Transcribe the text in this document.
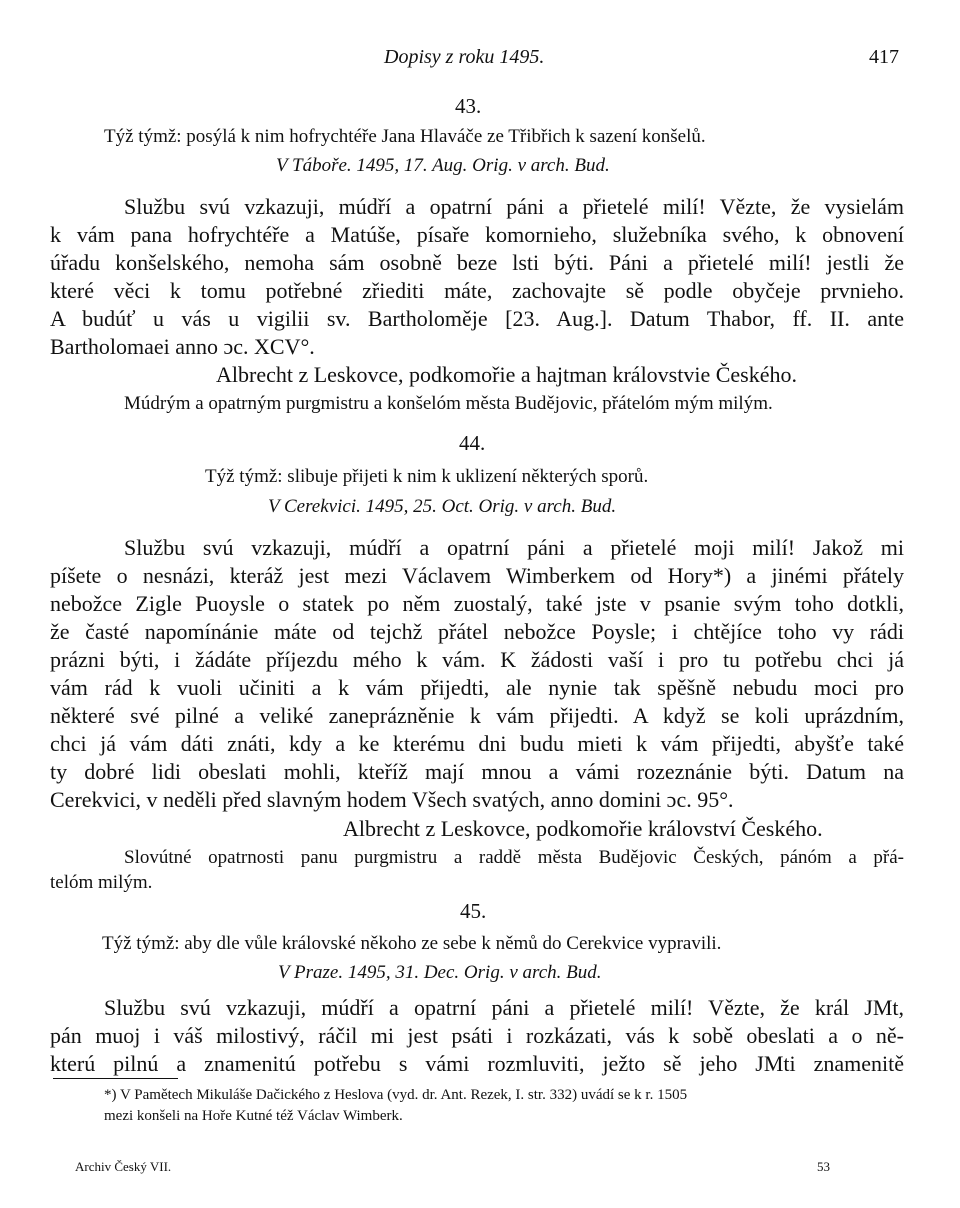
Dopisy z roku 1495.	417
43.
Týž týmž: posýlá k nim hofrychtéře Jana Hlaváče ze Třibřich k sazení konšelů.
V Táboře. 1495, 17. Aug. Orig. v arch. Bud.
Službu svú vzkazuji, múdří a opatrní páni a přietelé milí! Vězte, že vysielám
k vám pana hofrychtéře a Matúše, písaře komornieho, služebníka svého, k obnovení
úřadu konšelského, nemoha sám osobně beze lsti býti. Páni a přietelé milí! jestli že
které věci k tomu potřebné zřiediti máte, zachovajte sě podle obyčeje prvnieho.
A budúť u vás u vigilii sv. Bartholoměje [23. Aug.]. Datum Thabor, ff. II. ante
Bartholomaei anno ɔc. XCV°.
Albrecht z Leskovce, podkomořie a hajtman královstvie Českého.
Múdrým a opatrným purgmistru a konšelóm města Budějovic, přátelóm mým milým.
44.
Týž týmž: slibuje přijeti k nim k uklizení některých sporů.
V Cerekvici. 1495, 25. Oct. Orig. v arch. Bud.
Službu svú vzkazuji, múdří a opatrní páni a přietelé moji milí! Jakož mi
píšete o nesnázi, kteráž jest mezi Václavem Wimberkem od Hory*) a jinémi přátely
nebožce Zigle Puoysle o statek po něm zuostalý, také jste v psanie svým toho dotkli,
že časté napomínánie máte od tejchž přátel nebožce Poysle; i chtějíce toho vy rádi
prázni býti, i žádáte příjezdu mého k vám. K žádosti vaší i pro tu potřebu chci já
vám rád k vuoli učiniti a k vám přijedti, ale nynie tak spěšně nebudu moci pro
některé své pilné a veliké zaneprázněnie k vám přijedti. A když se koli uprázdním,
chci já vám dáti znáti, kdy a ke kterému dni budu mieti k vám přijedti, abyšťe také
ty dobré lidi obeslati mohli, kteříž mají mnou a vámi rozeznánie býti. Datum na
Cerekvici, v neděli před slavným hodem Všech svatých, anno domini ɔc. 95°.
Albrecht z Leskovce, podkomořie království Českého.
Slovútné opatrnosti panu purgmistru a raddě města Budějovic Českých, pánóm a přá-
telóm milým.
45.
Týž týmž: aby dle vůle královské někoho ze sebe k němů do Cerekvice vypravili.
V Praze. 1495, 31. Dec. Orig. v arch. Bud.
Službu svú vzkazuji, múdří a opatrní páni a přietelé milí! Vězte, že král JMt,
pán muoj i váš milostivý, ráčil mi jest psáti i rozkázati, vás k sobě obeslati a o ně-
kterú pilnú a znamenitú potřebu s vámi rozmluviti, ježto sě jeho JMti znamenitě
*) V Pamětech Mikuláše Dačického z Heslova (vyd. dr. Ant. Rezek, I. str. 332) uvádí se k r. 1505
mezi konšeli na Hoře Kutné též Václav Wimberk.
Archiv Český VII.	53
